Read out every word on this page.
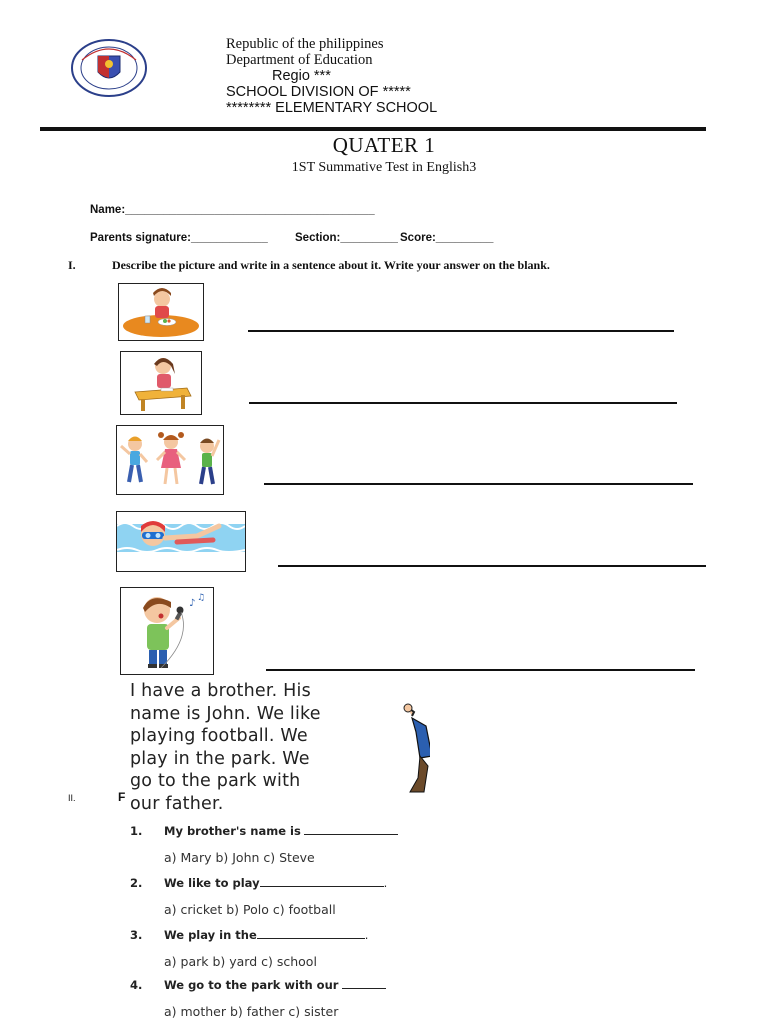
Republic of the philippines
Department of Education
Regio ***
SCHOOL DIVISION OF *****
******** ELEMENTARY SCHOOL
QUATER 1
1ST Summative Test in English3
Name:_______________________________________
Parents signature:____________ Section:_________ Score:_________
I.	Describe the picture and write in a sentence about it. Write your answer on the blank.
♪ ♫
II.	F
I have a brother. His
name is John. We like
playing football. We
play in the park. We
go to the park with
our father.
1. My brother's name is
a) Mary b) John c) Steve
2. We like to play	.
a) cricket b) Polo c) football
3. We play in the	.
a) park b) yard c) school
4. We go to the park with our
a) mother b) father c) sister
